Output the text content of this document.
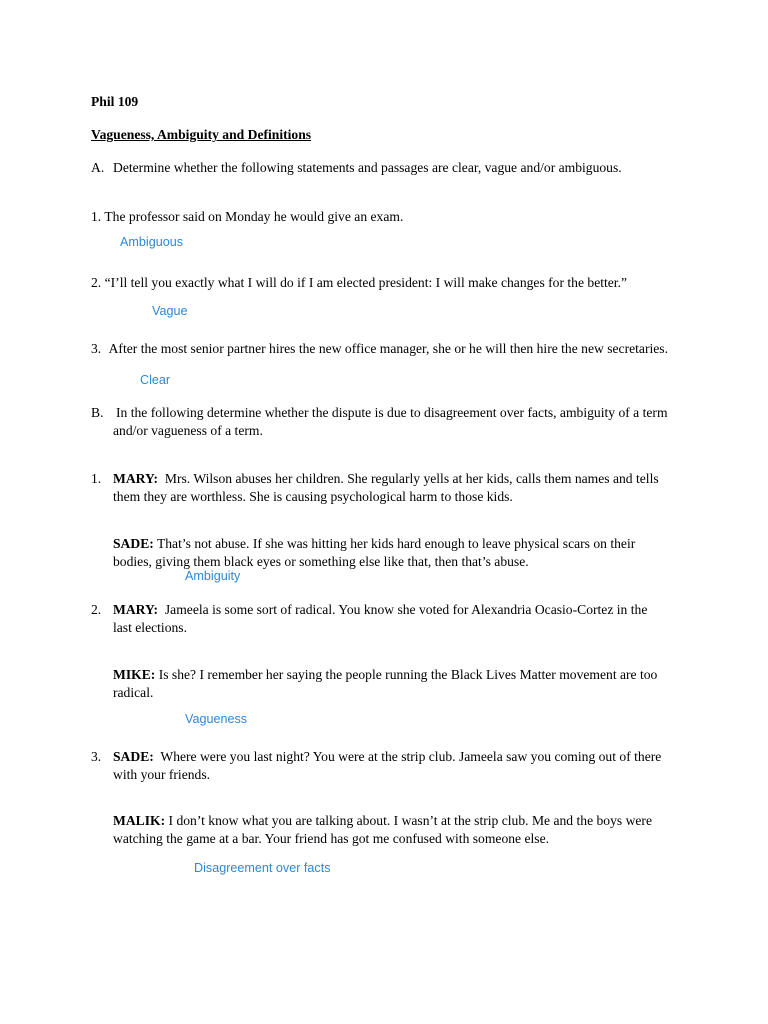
Phil 109
Vagueness, Ambiguity and Definitions
A. Determine whether the following statements and passages are clear, vague and/or ambiguous.
1. The professor said on Monday he would give an exam.
Ambiguous
2. “I’ll tell you exactly what I will do if I am elected president: I will make changes for the better.”
Vague
3. After the most senior partner hires the new office manager, she or he will then hire the new secretaries.
Clear
B. In the following determine whether the dispute is due to disagreement over facts, ambiguity of a term
and/or vagueness of a term.
1. MARY: Mrs. Wilson abuses her children. She regularly yells at her kids, calls them names and tells
them they are worthless. She is causing psychological harm to those kids.
SADE: That’s not abuse. If she was hitting her kids hard enough to leave physical scars on their
bodies, giving them black eyes or something else like that, then that’s abuse.
Ambiguity
2. MARY: Jameela is some sort of radical. You know she voted for Alexandria Ocasio-Cortez in the
last elections.
MIKE: Is she? I remember her saying the people running the Black Lives Matter movement are too
radical.
Vagueness
3. SADE: Where were you last night? You were at the strip club. Jameela saw you coming out of there
with your friends.
MALIK: I don’t know what you are talking about. I wasn’t at the strip club. Me and the boys were
watching the game at a bar. Your friend has got me confused with someone else.
Disagreement over facts
